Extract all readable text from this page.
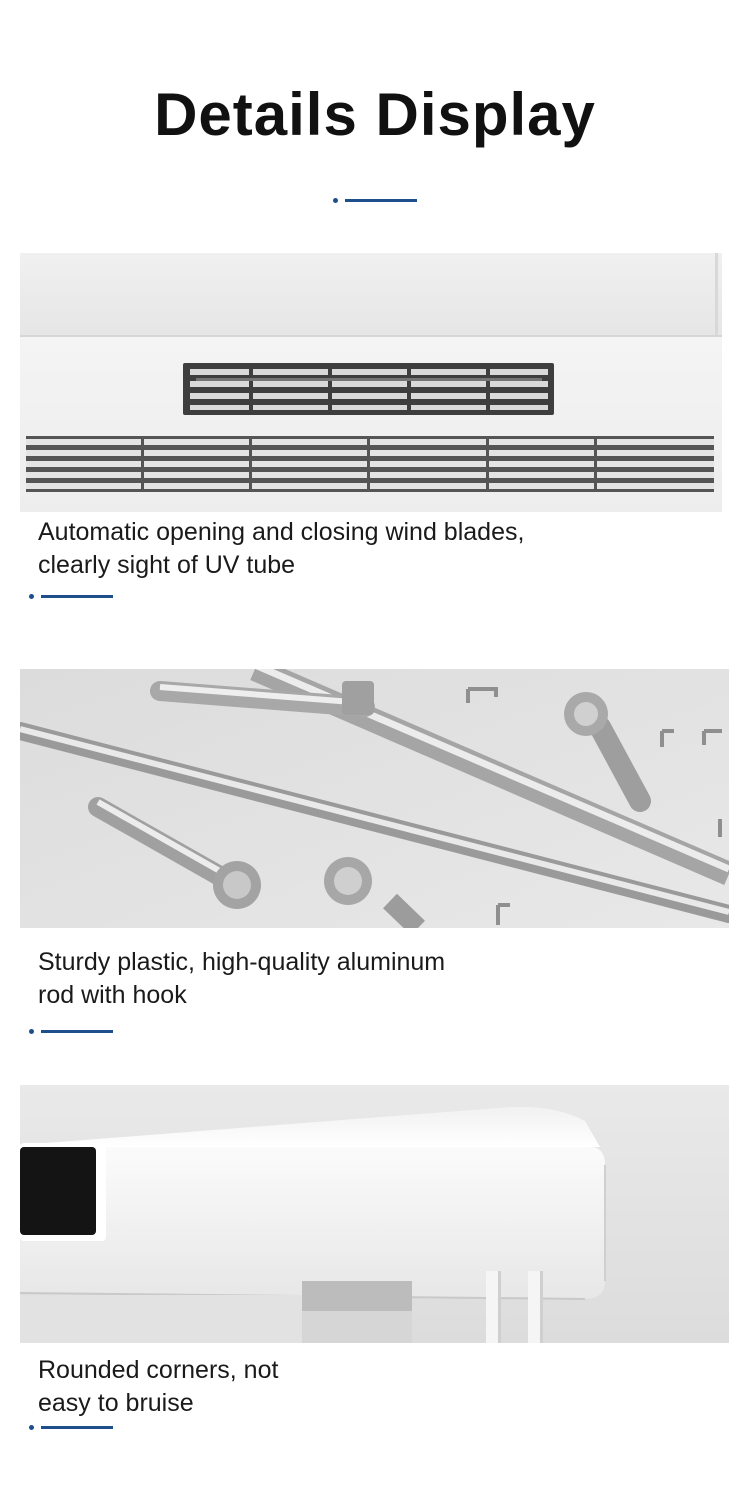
Details Display
Automatic opening and closing wind blades,
clearly sight of UV tube
Sturdy plastic, high-quality aluminum
rod with hook
Rounded corners, not
easy to bruise
